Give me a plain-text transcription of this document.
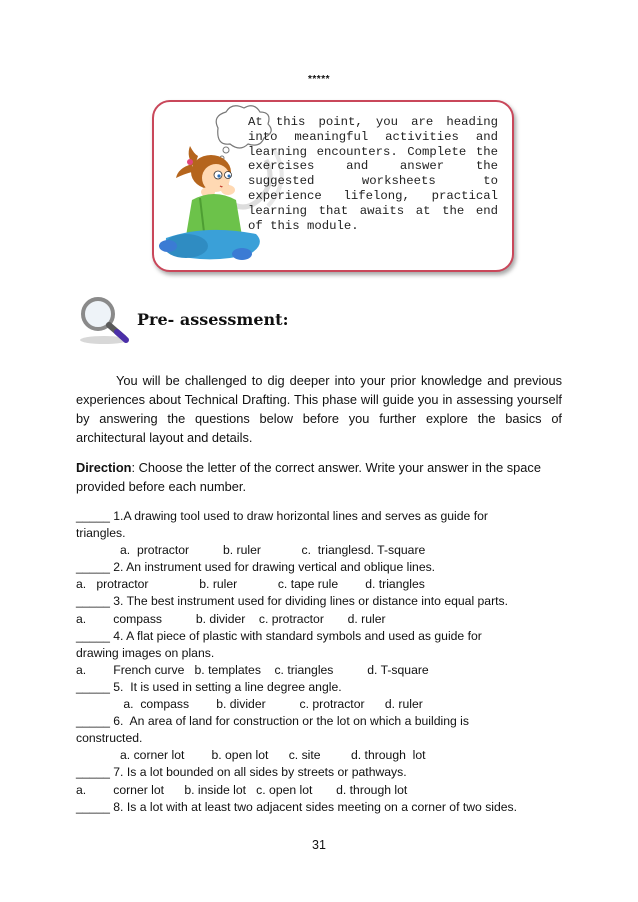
*****
At this point, you are heading into meaningful activities and learning encounters. Complete the exercises and answer the suggested worksheets to experience lifelong, practical learning that awaits at the end of this module.
Pre- assessment:
You will be challenged to dig deeper into your prior knowledge and previous experiences about Technical Drafting. This phase will guide you in assessing yourself by answering the questions below before you further explore the basics of architectural layout and details.
Direction: Choose the letter of the correct answer. Write your answer in the space provided before each number.
_____ 1.A drawing tool used to draw horizontal lines and serves as guide for
triangles.
a.  protractor          b. ruler            c.  trianglesd. T-square
_____ 2. An instrument used for drawing vertical and oblique lines.
a.   protractor               b. ruler            c. tape rule        d. triangles
_____ 3. The best instrument used for dividing lines or distance into equal parts.
a.        compass          b. divider    c. protractor       d. ruler
_____ 4. A flat piece of plastic with standard symbols and used as guide for
drawing images on plans.
a.        French curve   b. templates    c. triangles          d. T-square
_____ 5.  It is used in setting a line degree angle.
a.  compass        b. divider          c. protractor      d. ruler
_____ 6.  An area of land for construction or the lot on which a building is
constructed.
a. corner lot        b. open lot      c. site         d. through  lot
_____ 7. Is a lot bounded on all sides by streets or pathways.
a.        corner lot      b. inside lot   c. open lot       d. through lot
_____ 8. Is a lot with at least two adjacent sides meeting on a corner of two sides.
31
